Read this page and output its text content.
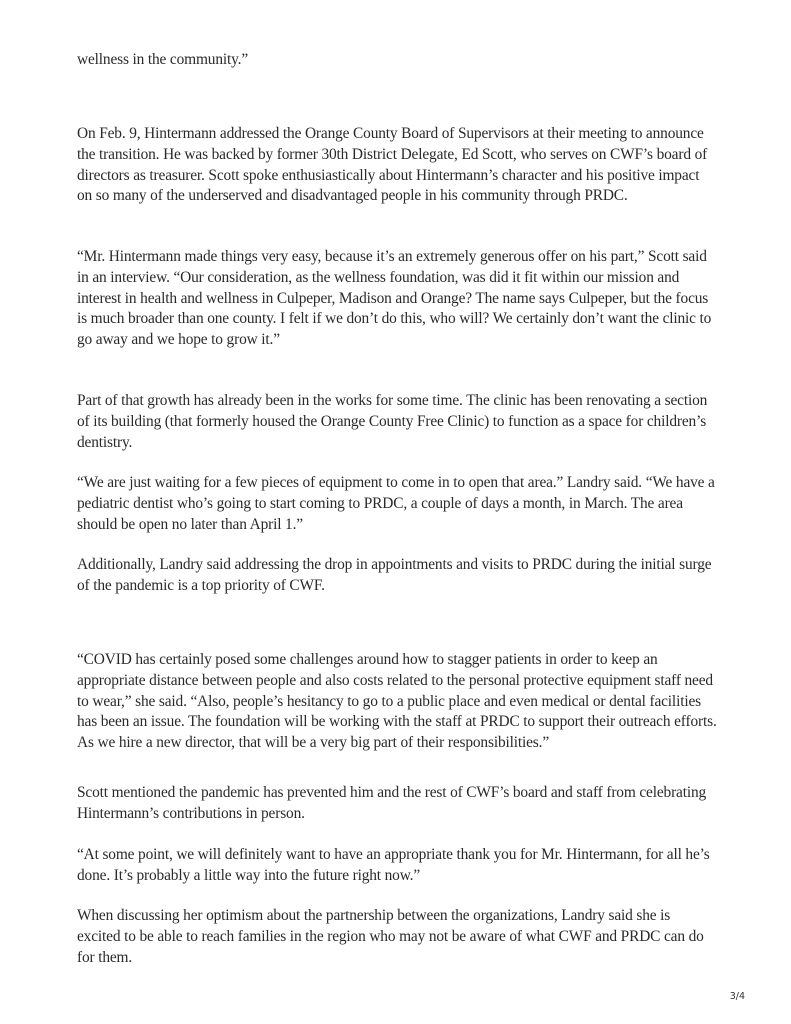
wellness in the community.”

On Feb. 9, Hintermann addressed the Orange County Board of Supervisors at their meeting to announce the transition. He was backed by former 30th District Delegate, Ed Scott, who serves on CWF’s board of directors as treasurer. Scott spoke enthusiastically about Hintermann’s character and his positive impact on so many of the underserved and disadvantaged people in his community through PRDC.

“Mr. Hintermann made things very easy, because it’s an extremely generous offer on his part,” Scott said in an interview. “Our consideration, as the wellness foundation, was did it fit within our mission and interest in health and wellness in Culpeper, Madison and Orange? The name says Culpeper, but the focus is much broader than one county. I felt if we don’t do this, who will? We certainly don’t want the clinic to go away and we hope to grow it.”

Part of that growth has already been in the works for some time. The clinic has been renovating a section of its building (that formerly housed the Orange County Free Clinic) to function as a space for children’s dentistry.

“We are just waiting for a few pieces of equipment to come in to open that area.” Landry said. “We have a pediatric dentist who’s going to start coming to PRDC, a couple of days a month, in March. The area should be open no later than April 1.”

Additionally, Landry said addressing the drop in appointments and visits to PRDC during the initial surge of the pandemic is a top priority of CWF.

“COVID has certainly posed some challenges around how to stagger patients in order to keep an appropriate distance between people and also costs related to the personal protective equipment staff need to wear,” she said. “Also, people’s hesitancy to go to a public place and even medical or dental facilities has been an issue. The foundation will be working with the staff at PRDC to support their outreach efforts. As we hire a new director, that will be a very big part of their responsibilities.”

Scott mentioned the pandemic has prevented him and the rest of CWF’s board and staff from celebrating Hintermann’s contributions in person.

“At some point, we will definitely want to have an appropriate thank you for Mr. Hintermann, for all he’s done. It’s probably a little way into the future right now.”

When discussing her optimism about the partnership between the organizations, Landry said she is excited to be able to reach families in the region who may not be aware of what CWF and PRDC can do for them.

3/4
